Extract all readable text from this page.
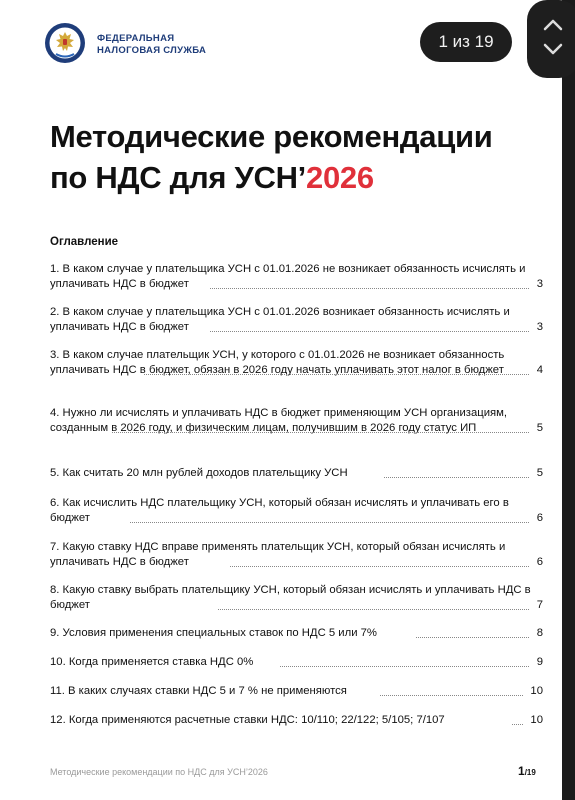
ФЕДЕРАЛЬНАЯ
НАЛОГОВАЯ СЛУЖБА	1 из 19
Методические рекомендации
по НДС для УСН’2026
Оглавление
1. В каком случае у плательщика УСН с 01.01.2026 не возникает обязанность исчислять и уплачивать НДС в бюджет	3
2. В каком случае у плательщика УСН с 01.01.2026 возникает обязанность исчислять и уплачивать НДС в бюджет	3
3. В каком случае плательщик УСН, у которого с 01.01.2026 не возникает обязанность уплачивать НДС в бюджет, обязан в 2026 году начать уплачивать этот налог в бюджет	4
4. Нужно ли исчислять и уплачивать НДС в бюджет применяющим УСН организациям, созданным в 2026 году, и физическим лицам, получившим в 2026 году статус ИП	5
5. Как считать 20 млн рублей доходов плательщику УСН	5
6. Как исчислить НДС плательщику УСН, который обязан исчислять и уплачивать его в бюджет	6
7. Какую ставку НДС вправе применять плательщик УСН, который обязан исчислять и уплачивать НДС в бюджет	6
8. Какую ставку выбрать плательщику УСН, который обязан исчислять и уплачивать НДС в бюджет	7
9. Условия применения специальных ставок по НДС 5 или 7%	8
10. Когда применяется ставка НДС 0%	9
11. В каких случаях ставки НДС 5 и 7 % не применяются	10
12. Когда применяются расчетные ставки НДС: 10/110; 22/122; 5/105; 7/107	10
Методические рекомендации по НДС для УСН’2026	1/19
